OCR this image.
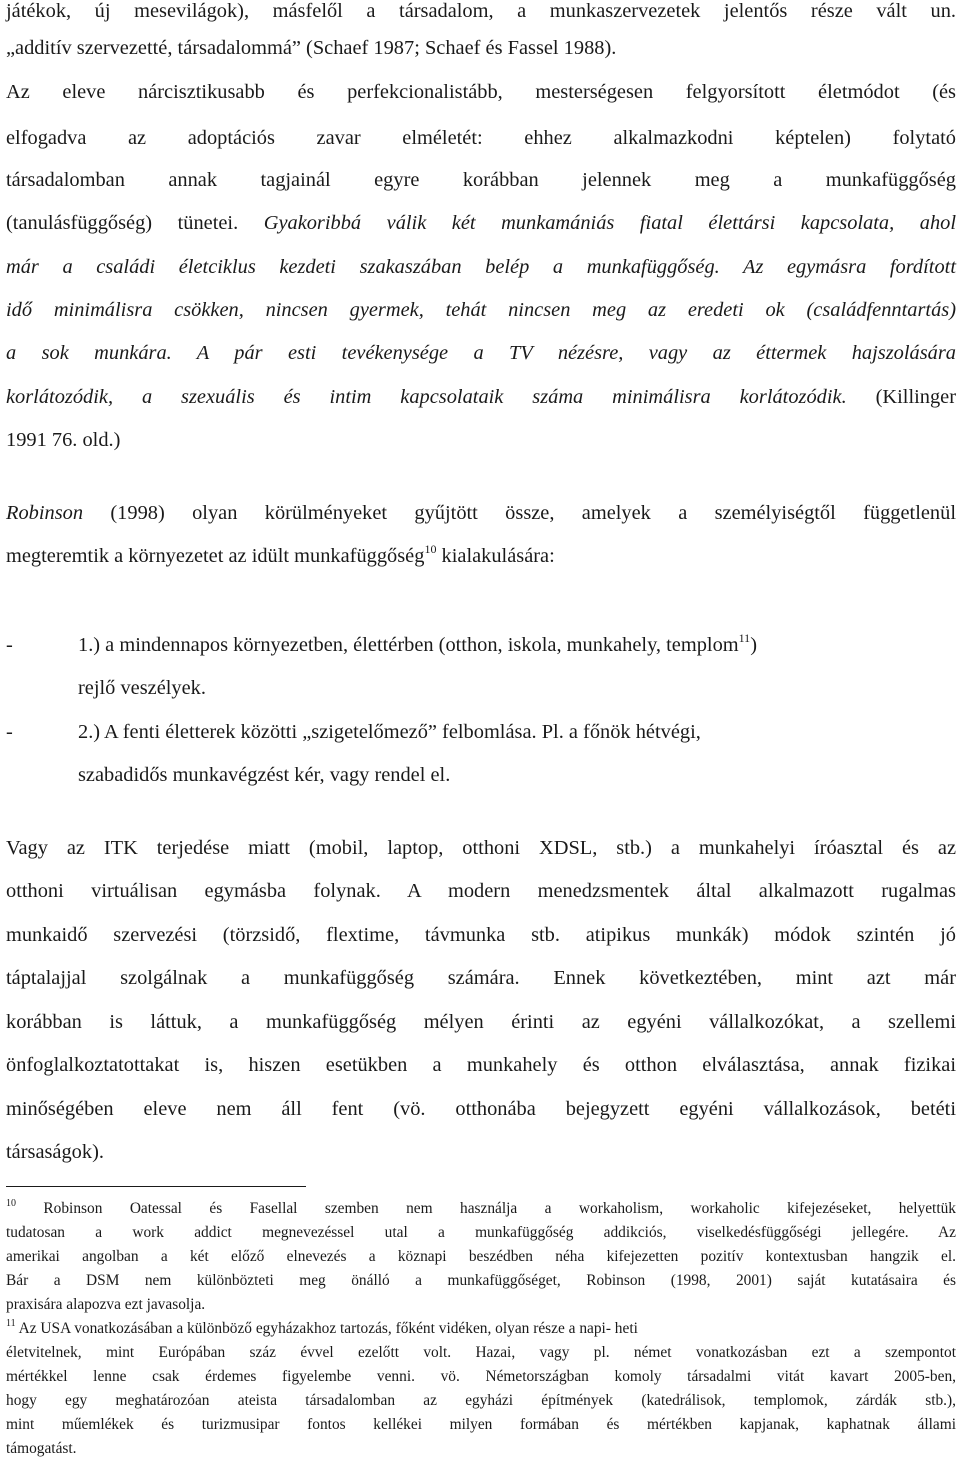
játékok, új mesevilágok), másfelől a társadalom, a munkaszervezetek jelentős része vált un.
„additív szervezetté, társadalommá” (Schaef 1987; Schaef és Fassel 1988).
Az eleve nárcisztikusabb és perfekcionalistább, mesterségesen felgyorsított életmódot (és
elfogadva az adoptációs zavar elméletét: ehhez alkalmazkodni képtelen) folytató
társadalomban annak tagjainál egyre korábban jelennek meg a munkafüggőség
(tanulásfüggőség) tünetei. Gyakoribbá válik két munkamániás fiatal élettársi kapcsolata, ahol
már a családi életciklus kezdeti szakaszában belép a munkafüggőség. Az egymásra fordított
idő minimálisra csökken, nincsen gyermek, tehát nincsen meg az eredeti ok (családfenntartás)
a sok munkára. A pár esti tevékenysége a TV nézésre, vagy az éttermek hajszolására
korlátozódik, a szexuális és intim kapcsolataik száma minimálisra korlátozódik. (Killinger
1991 76. old.)
Robinson (1998) olyan körülményeket gyűjtött össze, amelyek a személyiségtől függetlenül
megteremtik a környezetet az idült munkafüggőség$^{10}$ kialakulására:
-	1.) a mindennapos környezetben, élettérben (otthon, iskola, munkahely, templom$^{11}$)
rejlő veszélyek.
-	2.) A fenti életterek közötti „szigetelőmező” felbomlása. Pl. a főnök hétvégi,
szabadidős munkavégzést kér, vagy rendel el.
Vagy az ITK terjedése miatt (mobil, laptop, otthoni XDSL, stb.) a munkahelyi íróasztal és az
otthoni virtuálisan egymásba folynak. A modern menedzsmentek által alkalmazott rugalmas
munkaidő szervezési (törzsidő, flextime, távmunka stb. atipikus munkák) módok szintén jó
táptalajjal szolgálnak a munkafüggőség számára. Ennek következtében, mint azt már
korábban is láttuk, a munkafüggőség mélyen érinti az egyéni vállalkozókat, a szellemi
önfoglalkoztatottakat is, hiszen esetükben a munkahely és otthon elválasztása, annak fizikai
minőségében eleve nem áll fent (vö. otthonába bejegyzett egyéni vállalkozások, betéti
társaságok).
$^{10}$ Robinson Oatessal és Fasellal szemben nem használja a workaholism, workaholic kifejezéseket, helyettük
tudatosan a work addict megnevezéssel utal a munkafüggőség addikciós, viselkedésfüggőségi jellegére. Az
amerikai angolban a két előző elnevezés a köznapi beszédben néha kifejezetten pozitív kontextusban hangzik el.
Bár a DSM nem különbözteti meg önálló a munkafüggőséget, Robinson (1998, 2001) saját kutatásaira és
praxisára alapozva ezt javasolja.
$^{11}$ Az USA vonatkozásában a különböző egyházakhoz tartozás, főként vidéken, olyan része a napi- heti
életvitelnek, mint Európában száz évvel ezelőtt volt. Hazai, vagy pl. német vonatkozásban ezt a szempontot
mértékkel lenne csak érdemes figyelembe venni. vö. Németországban komoly társadalmi vitát kavart 2005-ben,
hogy egy meghatározóan ateista társadalomban az egyházi építmények (katedrálisok, templomok, zárdák stb.),
mint műemlékek és turizmusipar fontos kellékei milyen formában és mértékben kapjanak, kaphatnak állami
támogatást.
